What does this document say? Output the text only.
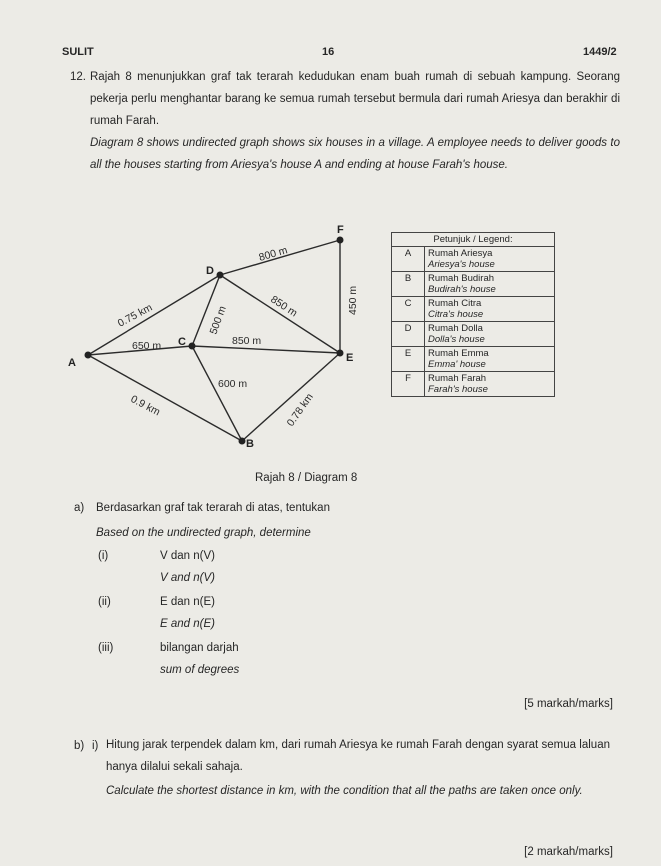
SULIT	16	1449/2
12. Rajah 8 menunjukkan graf tak terarah kedudukan enam buah rumah di sebuah kampung. Seorang pekerja perlu menghantar barang ke semua rumah tersebut bermula dari rumah Ariesya dan berakhir di rumah Farah.
Diagram 8 shows undirected graph shows six houses in a village. A employee needs to deliver goods to all the houses starting from Ariesya's house A and ending at house Farah's house.
A
B
C
D
E
F
0.75 km
650 m
0.9 km
500 m
850 m
600 m
800 m
850 m	450 m
0.78 km
Petunjuk / Legend:	
A	Rumah Ariesya
Ariesya's house

B	Rumah Budirah
Budirah's house

C	Rumah Citra
Citra's house

D	Rumah Dolla
Dolla's house

E	Rumah Emma
Emma' house

F	Rumah Farah
Farah's house
Rajah 8 / Diagram 8
a) Berdasarkan graf tak terarah di atas, tentukan
Based on the undirected graph, determine
(i)	V dan n(V)
V and n(V)
(ii)	E dan n(E)
E and n(E)
(iii)	bilangan darjah
sum of degrees
[5 markah/marks]
b) i) Hitung jarak terpendek dalam km, dari rumah Ariesya ke rumah Farah dengan syarat semua laluan hanya dilalui sekali sahaja.
Calculate the shortest distance in km, with the condition that all the paths are taken once only.
[2 markah/marks]
